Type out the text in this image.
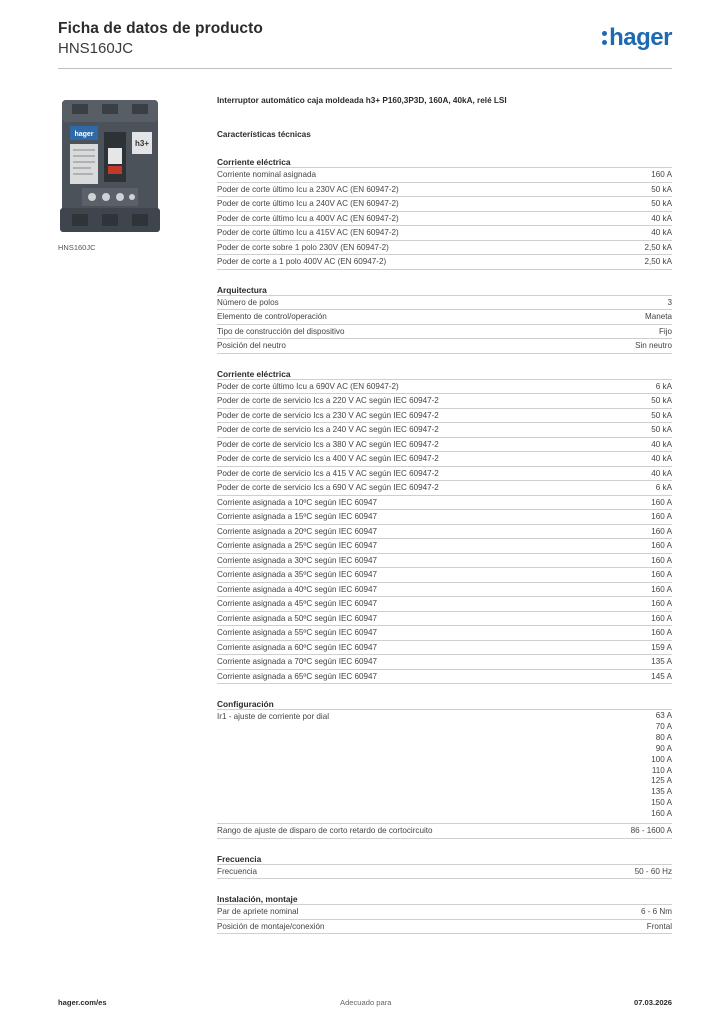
Ficha de datos de producto
HNS160JC	hager
hager
h3+
HNS160JC
Interruptor automático caja moldeada h3+ P160,3P3D, 160A, 40kA, relé LSI
Características técnicas
Corriente eléctrica
Corriente nominal asignada	160 A
Poder de corte último Icu a 230V AC (EN 60947-2)	50 kA
Poder de corte último Icu a 240V AC (EN 60947-2)	50 kA
Poder de corte último Icu a 400V AC (EN 60947-2)	40 kA
Poder de corte último Icu a 415V AC (EN 60947-2)	40 kA
Poder de corte sobre 1 polo 230V (EN 60947-2)	2,50 kA
Poder de corte a 1 polo 400V AC (EN 60947-2)	2,50 kA
Arquitectura
Número de polos	3
Elemento de control/operación	Maneta
Tipo de construcción del dispositivo	Fijo
Posición del neutro	Sin neutro
Corriente eléctrica
Poder de corte último Icu a 690V AC (EN 60947-2)	6 kA
Poder de corte de servicio Ics a 220 V AC según IEC 60947-2	50 kA
Poder de corte de servicio Ics a 230 V AC según IEC 60947-2	50 kA
Poder de corte de servicio Ics a 240 V AC según IEC 60947-2	50 kA
Poder de corte de servicio Ics a 380 V AC según IEC 60947-2	40 kA
Poder de corte de servicio Ics a 400 V AC según IEC 60947-2	40 kA
Poder de corte de servicio Ics a 415 V AC según IEC 60947-2	40 kA
Poder de corte de servicio Ics a 690 V AC según IEC 60947-2	6 kA
Corriente asignada a 10ºC según IEC 60947	160 A
Corriente asignada a 15ºC según IEC 60947	160 A
Corriente asignada a 20ºC según IEC 60947	160 A
Corriente asignada a 25ºC según IEC 60947	160 A
Corriente asignada a 30ºC según IEC 60947	160 A
Corriente asignada a 35ºC según IEC 60947	160 A
Corriente asignada a 40ºC según IEC 60947	160 A
Corriente asignada a 45ºC según IEC 60947	160 A
Corriente asignada a 50ºC según IEC 60947	160 A
Corriente asignada a 55ºC según IEC 60947	160 A
Corriente asignada a 60ºC según IEC 60947	159 A
Corriente asignada a 70ºC según IEC 60947	135 A
Corriente asignada a 65ºC según IEC 60947	145 A
Configuración
Ir1 - ajuste de corriente por dial	63 A
70 A
80 A
90 A
100 A
110 A
125 A
135 A
150 A
160 A
Rango de ajuste de disparo de corto retardo de cortocircuito	86 - 1600 A
Frecuencia
Frecuencia	50 - 60 Hz
Instalación, montaje
Par de apriete nominal	6 - 6 Nm
Posición de montaje/conexión	Frontal
hager.com/es	Adecuado para	07.03.2026
